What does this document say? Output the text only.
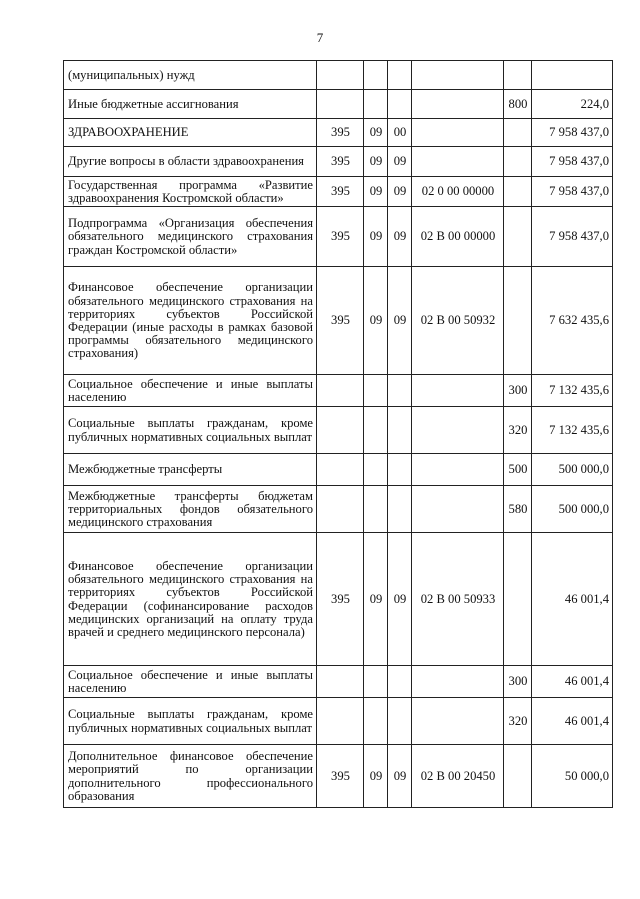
7
(муниципальных) нужд						
Иные бюджетные ассигнования					800	224,0
ЗДРАВООХРАНЕНИЕ	395	09	00			7 958 437,0
Другие вопросы в области здравоохранения	395	09	09			7 958 437,0
Государственная программа «Развитие здравоохранения Костромской области»	395	09	09	02 0 00 00000		7 958 437,0
Подпрограмма «Организация обеспечения обязательного медицинского страхования граждан Костромской области»	395	09	09	02 В 00 00000		7 958 437,0
Финансовое обеспечение организации обязательного медицинского страхования на территориях субъектов Российской Федерации (иные расходы в рамках базовой программы обязательного медицинского страхования)	395	09	09	02 В 00 50932		7 632 435,6
Социальное обеспечение и иные выплаты населению					300	7 132 435,6
Социальные выплаты гражданам, кроме публичных нормативных социальных выплат					320	7 132 435,6
Межбюджетные трансферты					500	500 000,0
Межбюджетные трансферты бюджетам территориальных фондов обязательного медицинского страхования					580	500 000,0
Финансовое обеспечение организации обязательного медицинского страхования на территориях субъектов Российской Федерации (софинансирование расходов медицинских организаций на оплату труда врачей и среднего медицинского персонала)	395	09	09	02 В 00 50933		46 001,4
Социальное обеспечение и иные выплаты населению					300	46 001,4
Социальные выплаты гражданам, кроме публичных нормативных социальных выплат					320	46 001,4
Дополнительное финансовое обеспечение мероприятий по организации дополнительного профессионального образования	395	09	09	02 В 00 20450		50 000,0
